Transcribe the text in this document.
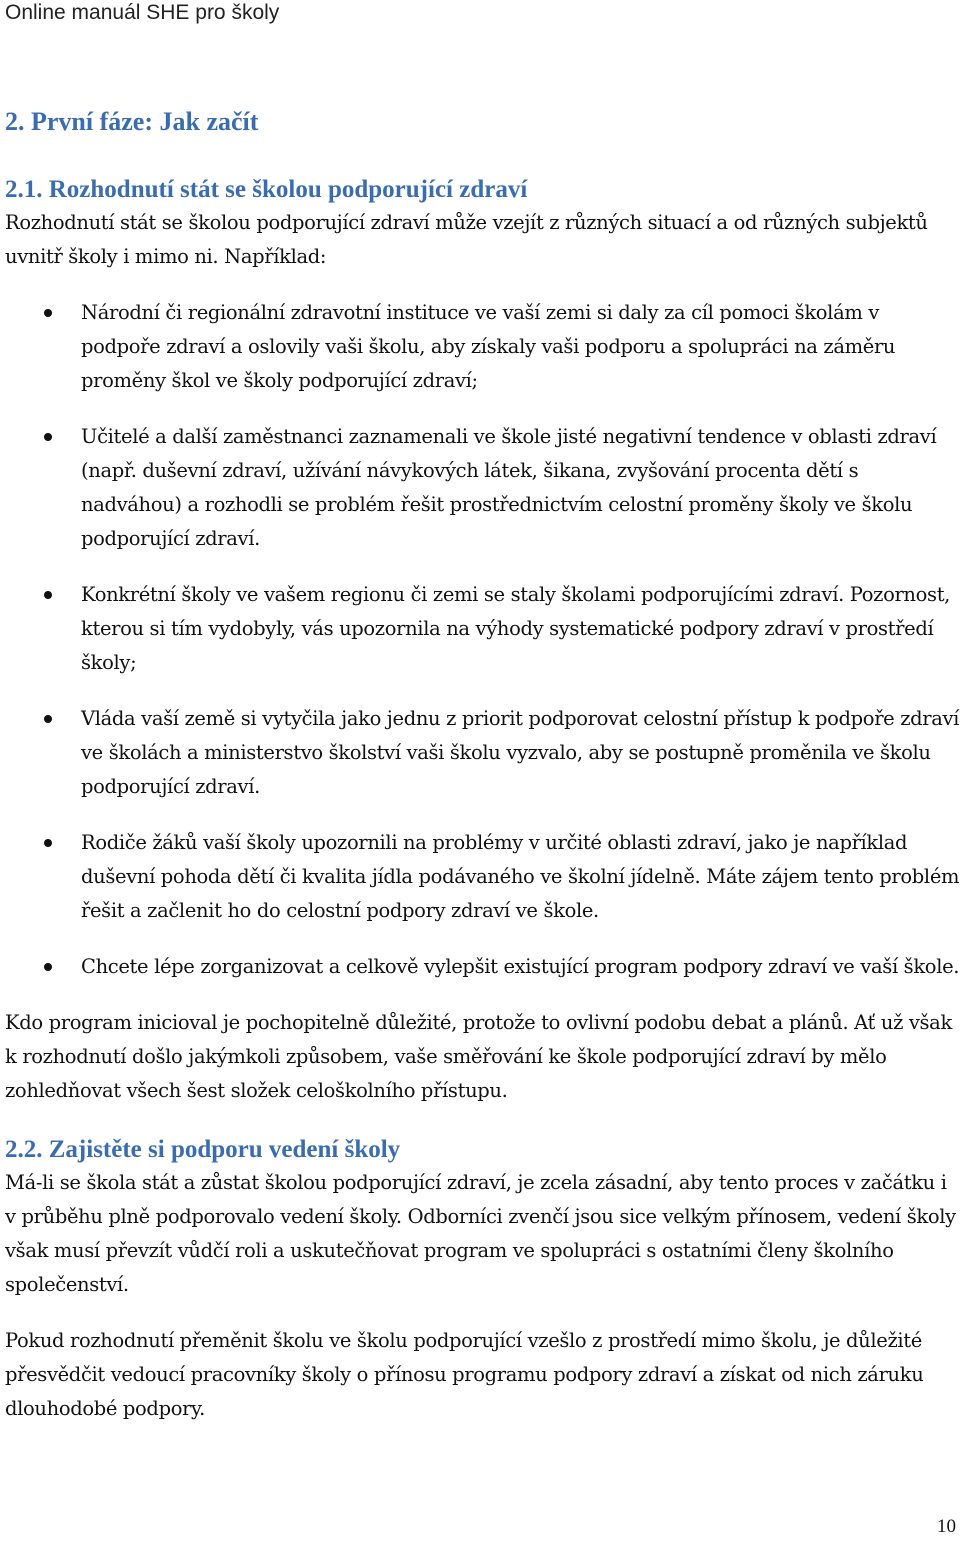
Online manuál SHE pro školy
2. První fáze: Jak začít
2.1. Rozhodnutí stát se školou podporující zdraví

Rozhodnutí stát se školou podporující zdraví může vzejít z různých situací a od různých subjektů uvnitř školy i mimo ni. Například:

Národní či regionální zdravotní instituce ve vaší zemi si daly za cíl pomoci školám v podpoře zdraví a oslovily vaši školu, aby získaly vaši podporu a spolupráci na záměru proměny škol ve školy podporující zdraví;
Učitelé a další zaměstnanci zaznamenali ve škole jisté negativní tendence v oblasti zdraví (např. duševní zdraví, užívání návykových látek, šikana, zvyšování procenta dětí s nadváhou) a rozhodli se problém řešit prostřednictvím celostní proměny školy ve školu podporující zdraví.
Konkrétní školy ve vašem regionu či zemi se staly školami podporujícími zdraví. Pozornost, kterou si tím vydobyly, vás upozornila na výhody systematické podpory zdraví v prostředí školy;
Vláda vaší země si vytyčila jako jednu z priorit podporovat celostní přístup k podpoře zdraví ve školách a ministerstvo školství vaši školu vyzvalo, aby se postupně proměnila ve školu podporující zdraví.
Rodiče žáků vaší školy upozornili na problémy v určité oblasti zdraví, jako je například duševní pohoda dětí či kvalita jídla podávaného ve školní jídelně. Máte zájem tento problém řešit a začlenit ho do celostní podpory zdraví ve škole.
Chcete lépe zorganizovat a celkově vylepšit existující program podpory zdraví ve vaší škole.

Kdo program inicioval je pochopitelně důležité, protože to ovlivní podobu debat a plánů. Ať už však k rozhodnutí došlo jakýmkoli způsobem, vaše směřování ke škole podporující zdraví by mělo zohledňovat všech šest složek celoškolního přístupu.

2.2. Zajistěte si podporu vedení školy

Má-li se škola stát a zůstat školou podporující zdraví, je zcela zásadní, aby tento proces v začátku i v průběhu plně podporovalo vedení školy. Odborníci zvenčí jsou sice velkým přínosem, vedení školy však musí převzít vůdčí roli a uskutečňovat program ve spolupráci s ostatními členy školního společenství.

Pokud rozhodnutí přeměnit školu ve školu podporující vzešlo z prostředí mimo školu, je důležité přesvědčit vedoucí pracovníky školy o přínosu programu podpory zdraví a získat od nich záruku dlouhodobé podpory.

10
